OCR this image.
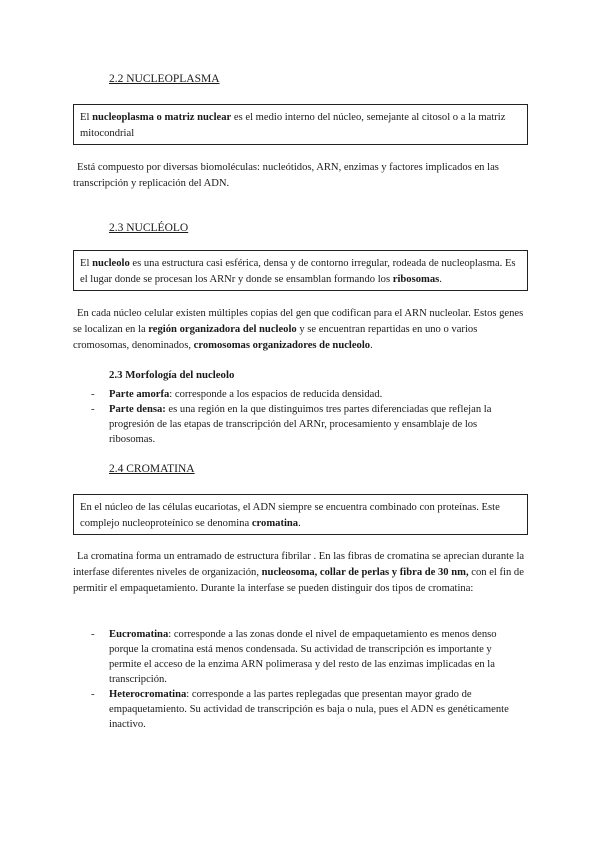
2.2 NUCLEOPLASMA
El nucleoplasma o matriz nuclear es el medio interno del núcleo, semejante al citosol o a la matriz mitocondrial
Está compuesto por diversas biomoléculas: nucleótidos, ARN, enzimas y factores implicados en las transcripción y replicación del ADN.
2.3 NUCLÉOLO
El nucleolo es una estructura casi esférica, densa y de contorno irregular, rodeada de nucleoplasma. Es el lugar donde se procesan los ARNr y donde se ensamblan formando los ribosomas.
En cada núcleo celular existen múltiples copias del gen que codifican para el ARN nucleolar. Estos genes se localizan en la región organizadora del nucleolo y se encuentran repartidas en uno o varios cromosomas, denominados, cromosomas organizadores de nucleolo.
2.3 Morfología del nucleolo
- Parte amorfa: corresponde a los espacios de reducida densidad.
- Parte densa: es una región en la que distinguimos tres partes diferenciadas que reflejan la progresión de las etapas de transcripción del ARNr, procesamiento y ensamblaje de los ribosomas.
2.4 CROMATINA
En el núcleo de las células eucariotas, el ADN siempre se encuentra combinado con proteínas. Este complejo nucleoproteínico se denomina cromatina.
La cromatina forma un entramado de estructura fibrilar . En las fibras de cromatina se aprecian durante la interfase diferentes niveles de organización, nucleosoma, collar de perlas y fibra de 30 nm, con el fin de permitir el empaquetamiento. Durante la interfase se pueden distinguir dos tipos de cromatina:
- Eucromatina: corresponde a las zonas donde el nivel de empaquetamiento es menos denso porque la cromatina está menos condensada. Su actividad de transcripción es importante y permite el acceso de la enzima ARN polimerasa y del resto de las enzimas implicadas en la transcripción.
- Heterocromatina: corresponde a las partes replegadas que presentan mayor grado de empaquetamiento. Su actividad de transcripción es baja o nula, pues el ADN es genéticamente inactivo.
